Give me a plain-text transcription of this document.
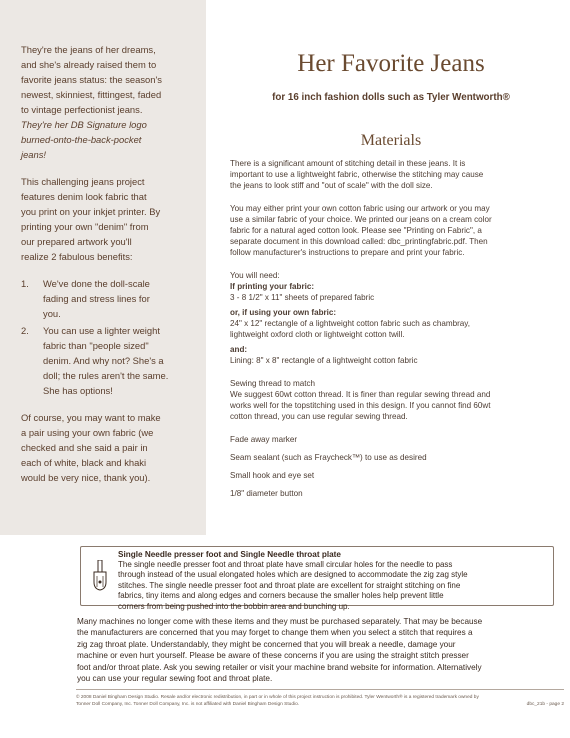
They're the jeans of her dreams,
and she's already raised them to
favorite jeans status: the season's
newest, skinniest, fittingest, faded
to vintage perfectionist jeans.
They're her DB Signature logo
burned-onto-the-back-pocket
jeans!

This challenging jeans project
features denim look fabric that
you print on your inkjet printer. By
printing your own "denim" from
our prepared artwork you'll
realize 2 fabulous benefits:

1. We've done the doll-scale
fading and stress lines for
you.
2. You can use a lighter weight
fabric than "people sized"
denim. And why not? She's a
doll; the rules aren't the same.
She has options!

Of course, you may want to make
a pair using your own fabric (we
checked and she said a pair in
each of white, black and khaki
would be very nice, thank you).

Her Favorite Jeans
for 16 inch fashion dolls such as Tyler Wentworth®
Materials

There is a significant amount of stitching detail in these jeans. It is
important to use a lightweight fabric, otherwise the stitching may cause
the jeans to look stiff and "out of scale" with the doll size.

You may either print your own cotton fabric using our artwork or you may
use a similar fabric of your choice. We printed our jeans on a cream color
fabric for a natural aged cotton look. Please see "Printing on Fabric", a
separate document in this download called: dbc_printingfabric.pdf. Then
follow manufacturer's instructions to prepare and print your fabric.

You will need:

If printing your fabric:

3 - 8 1/2" x 11" sheets of prepared fabric

or, if using your own fabric:

24" x 12" rectangle of a lightweight cotton fabric such as chambray,
lightweight oxford cloth or lightweight cotton twill.

and:

Lining: 8" x 8" rectangle of a lightweight cotton fabric

Sewing thread to match

We suggest 60wt cotton thread. It is finer than regular sewing thread and
works well for the topstitching used in this design. If you cannot find 60wt
cotton thread, you can use regular sewing thread.

Fade away marker

Seam sealant (such as Fraycheck™) to use as desired

Small hook and eye set

1/8" diameter button

Single Needle presser foot and Single Needle throat plate
The single needle presser foot and throat plate have small circular holes for the needle to pass
through instead of the usual elongated holes which are designed to accommodate the zig zag style
stitches. The single needle presser foot and throat plate are excellent for straight stitching on fine
fabrics, tiny items and along edges and corners because the smaller holes help prevent little
corners from being pushed into the bobbin area and bunching up.
Many machines no longer come with these items and they must be purchased separately. That may be because
the manufacturers are concerned that you may forget to change them when you select a stitch that requires a
zig zag throat plate. Understandably, they might be concerned that you will break a needle, damage your
machine or even hurt yourself. Please be aware of these concerns if you are using the straight stitch presser
foot and/or throat plate. Ask you sewing retailer or visit your machine brand website for information. Alternatively
you can use your regular sewing foot and throat plate.
© 2008 Daniel Bingham Design Studio. Resale and/or electronic redistribution, in part or in whole of this project instruction is prohibited. Tyler Wentworth® is a registered trademark owned by
Tonner Doll Company, Inc. Tonner Doll Company, Inc. is not affiliated with Daniel Bingham Design Studio.	dbc_21b - page 2
